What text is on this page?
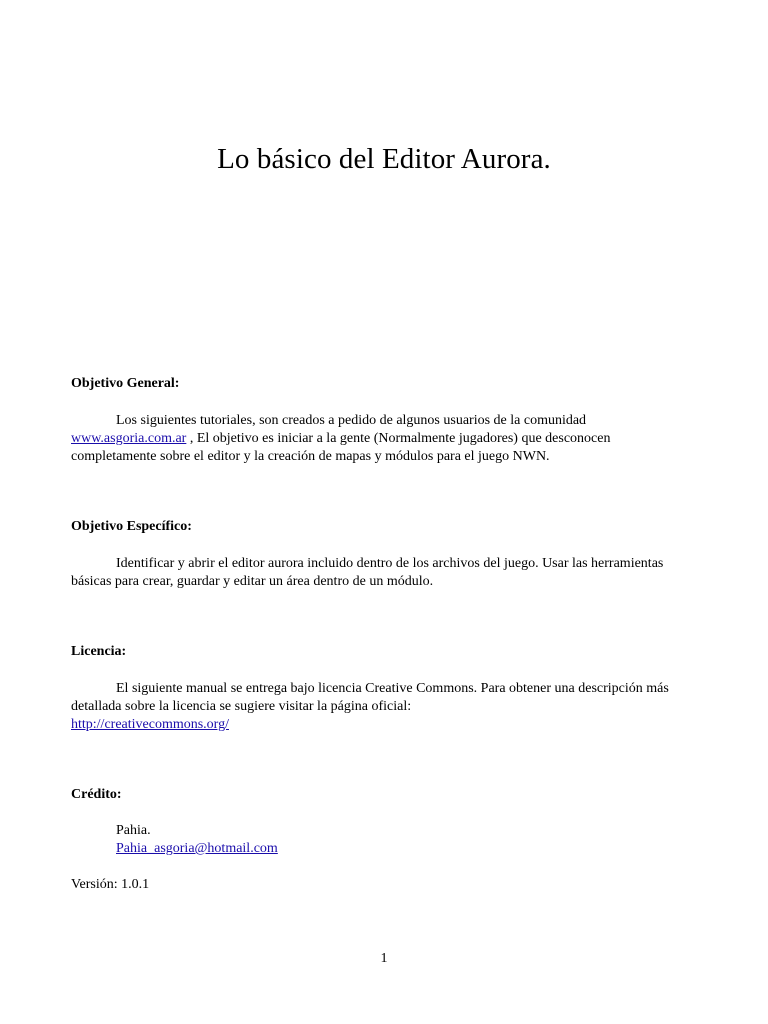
Lo básico del Editor Aurora.

Objetivo General:

Los siguientes tutoriales, son creados a pedido de algunos usuarios de la comunidad
www.asgoria.com.ar , El objetivo es iniciar a la gente (Normalmente jugadores) que desconocen completamente sobre el editor y la creación de mapas y módulos para el juego NWN.

Objetivo Específico:

Identificar y abrir el editor aurora incluido dentro de los archivos del juego. Usar las herramientas básicas para crear, guardar y editar un área dentro de un módulo.

Licencia:

El siguiente manual se entrega bajo licencia Creative Commons. Para obtener una descripción más detallada sobre la licencia se sugiere visitar la página oficial:
http://creativecommons.org/

Crédito:

Pahia.

Pahia_asgoria@hotmail.com

Versión: 1.0.1

1
